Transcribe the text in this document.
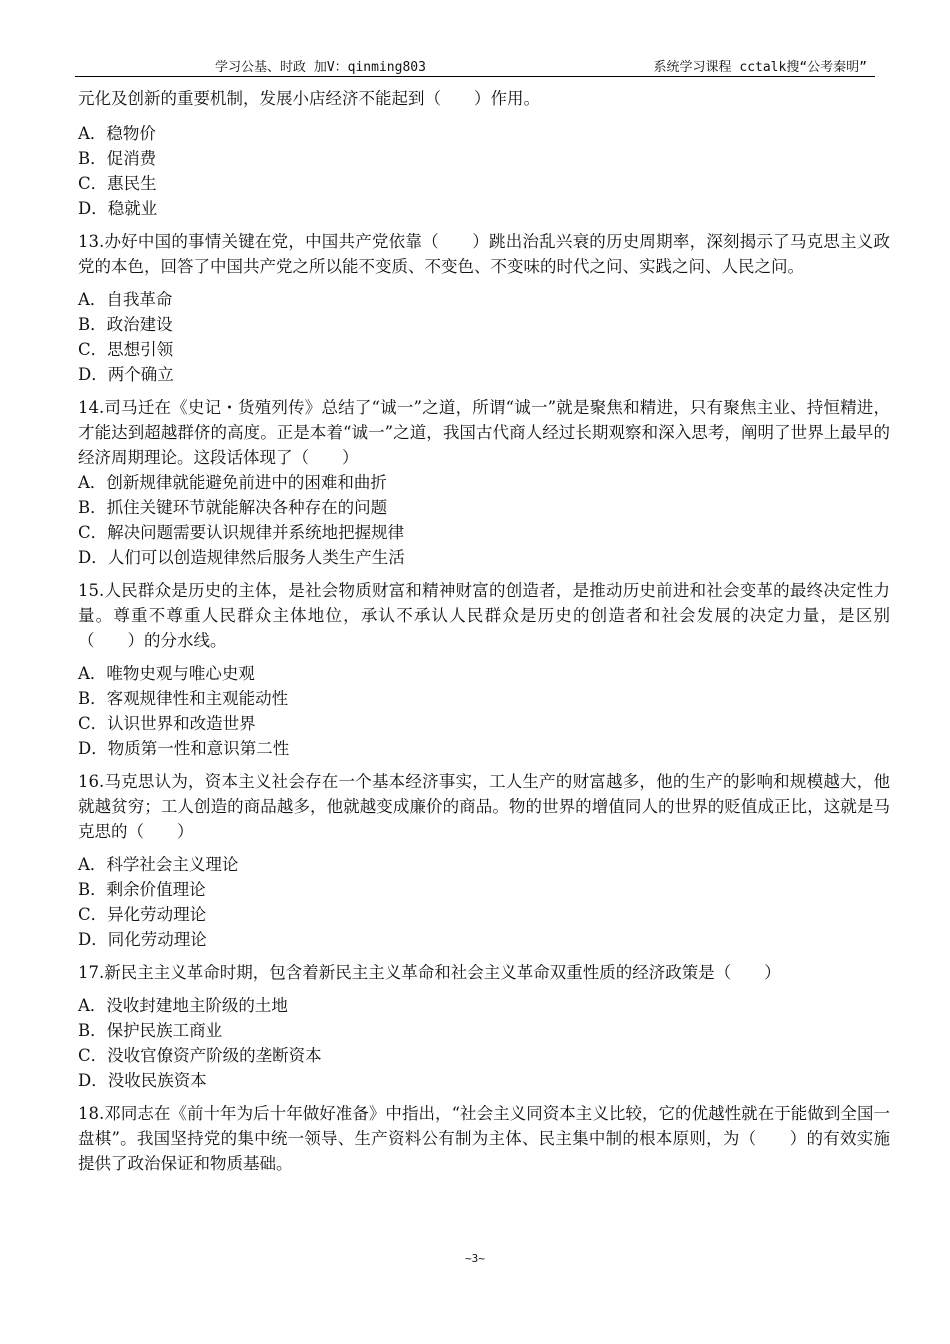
学习公基、时政 加V：qinming803	系统学习课程 cctalk搜“公考秦明”

元化及创新的重要机制，发展小店经济不能起到（　　）作用。

A．稳物价

B．促消费

C．惠民生

D．稳就业

13.办好中国的事情关键在党，中国共产党依靠（　　）跳出治乱兴衰的历史周期率，深刻揭示了马克思主义政党的本色，回答了中国共产党之所以能不变质、不变色、不变味的时代之问、实践之问、人民之问。

A．自我革命

B．政治建设

C．思想引领

D．两个确立

14.司马迁在《史记・货殖列传》总结了“诚一”之道，所谓“诚一”就是聚焦和精进，只有聚焦主业、持恒精进，才能达到超越群侪的高度。正是本着“诚一”之道，我国古代商人经过长期观察和深入思考，阐明了世界上最早的经济周期理论。这段话体现了（　　）

A．创新规律就能避免前进中的困难和曲折

B．抓住关键环节就能解决各种存在的问题

C．解决问题需要认识规律并系统地把握规律

D．人们可以创造规律然后服务人类生产生活

15.人民群众是历史的主体，是社会物质财富和精神财富的创造者，是推动历史前进和社会变革的最终决定性力量。尊重不尊重人民群众主体地位，承认不承认人民群众是历史的创造者和社会发展的决定力量，是区别（　　）的分水线。

A．唯物史观与唯心史观

B．客观规律性和主观能动性

C．认识世界和改造世界

D．物质第一性和意识第二性

16.马克思认为，资本主义社会存在一个基本经济事实，工人生产的财富越多，他的生产的影响和规模越大，他就越贫穷；工人创造的商品越多，他就越变成廉价的商品。物的世界的增值同人的世界的贬值成正比，这就是马克思的（　　）

A．科学社会主义理论

B．剩余价值理论

C．异化劳动理论

D．同化劳动理论

17.新民主主义革命时期，包含着新民主主义革命和社会主义革命双重性质的经济政策是（　　）

A．没收封建地主阶级的土地

B．保护民族工商业

C．没收官僚资产阶级的垄断资本

D．没收民族资本

18.邓同志在《前十年为后十年做好准备》中指出，“社会主义同资本主义比较，它的优越性就在于能做到全国一盘棋”。我国坚持党的集中统一领导、生产资料公有制为主体、民主集中制的根本原则，为（　　）的有效实施提供了政治保证和物质基础。

~3~
